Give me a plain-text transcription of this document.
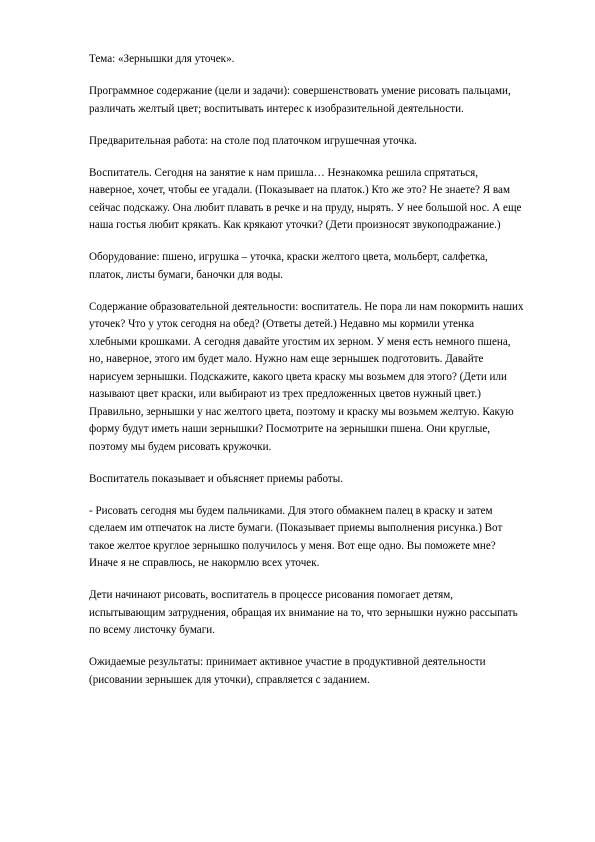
Тема: «Зернышки для уточек».

Программное содержание (цели и задачи): совершенствовать умение рисовать пальцами,
различать желтый цвет; воспитывать интерес к изобразительной деятельности.

Предварительная работа: на столе под платочком игрушечная уточка.

Воспитатель. Сегодня на занятие к нам пришла… Незнакомка решила спрятаться,
наверное, хочет, чтобы ее угадали. (Показывает на платок.) Кто же это? Не знаете? Я вам
сейчас подскажу. Она любит плавать в речке и на пруду, нырять. У нее большой нос. А еще
наша гостья любит крякать. Как крякают уточки? (Дети произносят звукоподражание.)

Оборудование: пшено, игрушка – уточка, краски желтого цвета, мольберт, салфетка,
платок, листы бумаги, баночки для воды.

Содержание образовательной деятельности: воспитатель. Не пора ли нам покормить наших
уточек? Что у уток сегодня на обед? (Ответы детей.) Недавно мы кормили утенка
хлебными крошками. А сегодня давайте угостим их зерном. У меня есть немного пшена,
но, наверное, этого им будет мало. Нужно нам еще зернышек подготовить. Давайте
нарисуем зернышки. Подскажите, какого цвета краску мы возьмем для этого? (Дети или
называют цвет краски, или выбирают из трех предложенных цветов нужный цвет.)
Правильно, зернышки у нас желтого цвета, поэтому и краску мы возьмем желтую. Какую
форму будут иметь наши зернышки? Посмотрите на зернышки пшена. Они круглые,
поэтому мы будем рисовать кружочки.

Воспитатель показывает и объясняет приемы работы.

- Рисовать сегодня мы будем пальчиками. Для этого обмакнем палец в краску и затем
сделаем им отпечаток на листе бумаги. (Показывает приемы выполнения рисунка.) Вот
такое желтое круглое зернышко получилось у меня. Вот еще одно. Вы поможете мне?
Иначе я не справлюсь, не накормлю всех уточек.

Дети начинают рисовать, воспитатель в процессе рисования помогает детям,
испытывающим затруднения, обращая их внимание на то, что зернышки нужно рассыпать
по всему листочку бумаги.

Ожидаемые результаты: принимает активное участие в продуктивной деятельности
(рисовании зернышек для уточки), справляется с заданием.
